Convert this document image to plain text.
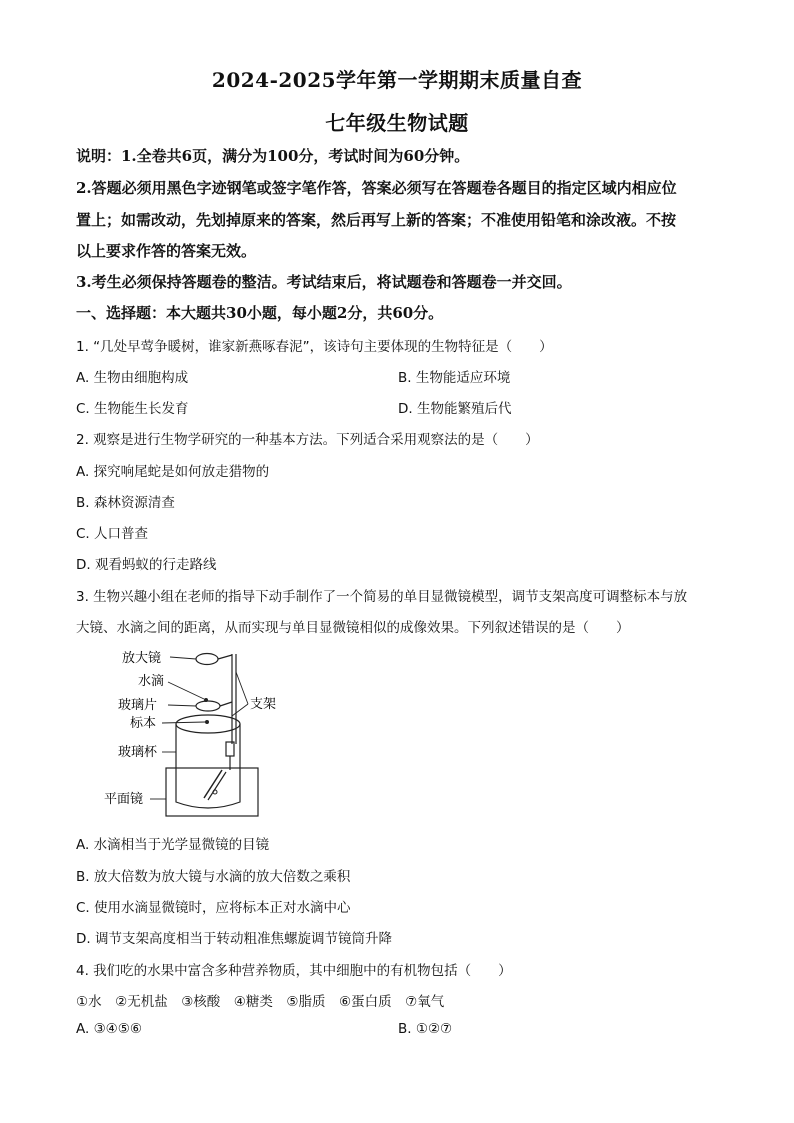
2024-2025学年第一学期期末质量自查
七年级生物试题
说明：1.全卷共6页，满分为100分，考试时间为60分钟。
2.答题必须用黑色字迹钢笔或签字笔作答，答案必须写在答题卷各题目的指定区域内相应位
置上；如需改动，先划掉原来的答案，然后再写上新的答案；不准使用铅笔和涂改液。不按
以上要求作答的答案无效。
3.考生必须保持答题卷的整洁。考试结束后，将试题卷和答题卷一并交回。
一、选择题：本大题共30小题，每小题2分，共60分。
1. “几处早莺争暖树，谁家新燕啄春泥”，该诗句主要体现的生物特征是（　　）
A. 生物由细胞构成	B. 生物能适应环境
C. 生物能生长发育	D. 生物能繁殖后代
2. 观察是进行生物学研究的一种基本方法。下列适合采用观察法的是（　　）
A. 探究响尾蛇是如何放走猎物的
B. 森林资源清查
C. 人口普查
D. 观看蚂蚁的行走路线
3. 生物兴趣小组在老师的指导下动手制作了一个简易的单目显微镜模型，调节支架高度可调整标本与放
大镜、水滴之间的距离，从而实现与单目显微镜相似的成像效果。下列叙述错误的是（　　）
放大镜
水滴
玻璃片
标本
玻璃杯
平面镜
支架
A. 水滴相当于光学显微镜的目镜
B. 放大倍数为放大镜与水滴的放大倍数之乘积
C. 使用水滴显微镜时，应将标本正对水滴中心
D. 调节支架高度相当于转动粗准焦螺旋调节镜筒升降
4. 我们吃的水果中富含多种营养物质，其中细胞中的有机物包括（　　）
①水　②无机盐　③核酸　④糖类　⑤脂质　⑥蛋白质　⑦氧气
A. ③④⑤⑥	B. ①②⑦
